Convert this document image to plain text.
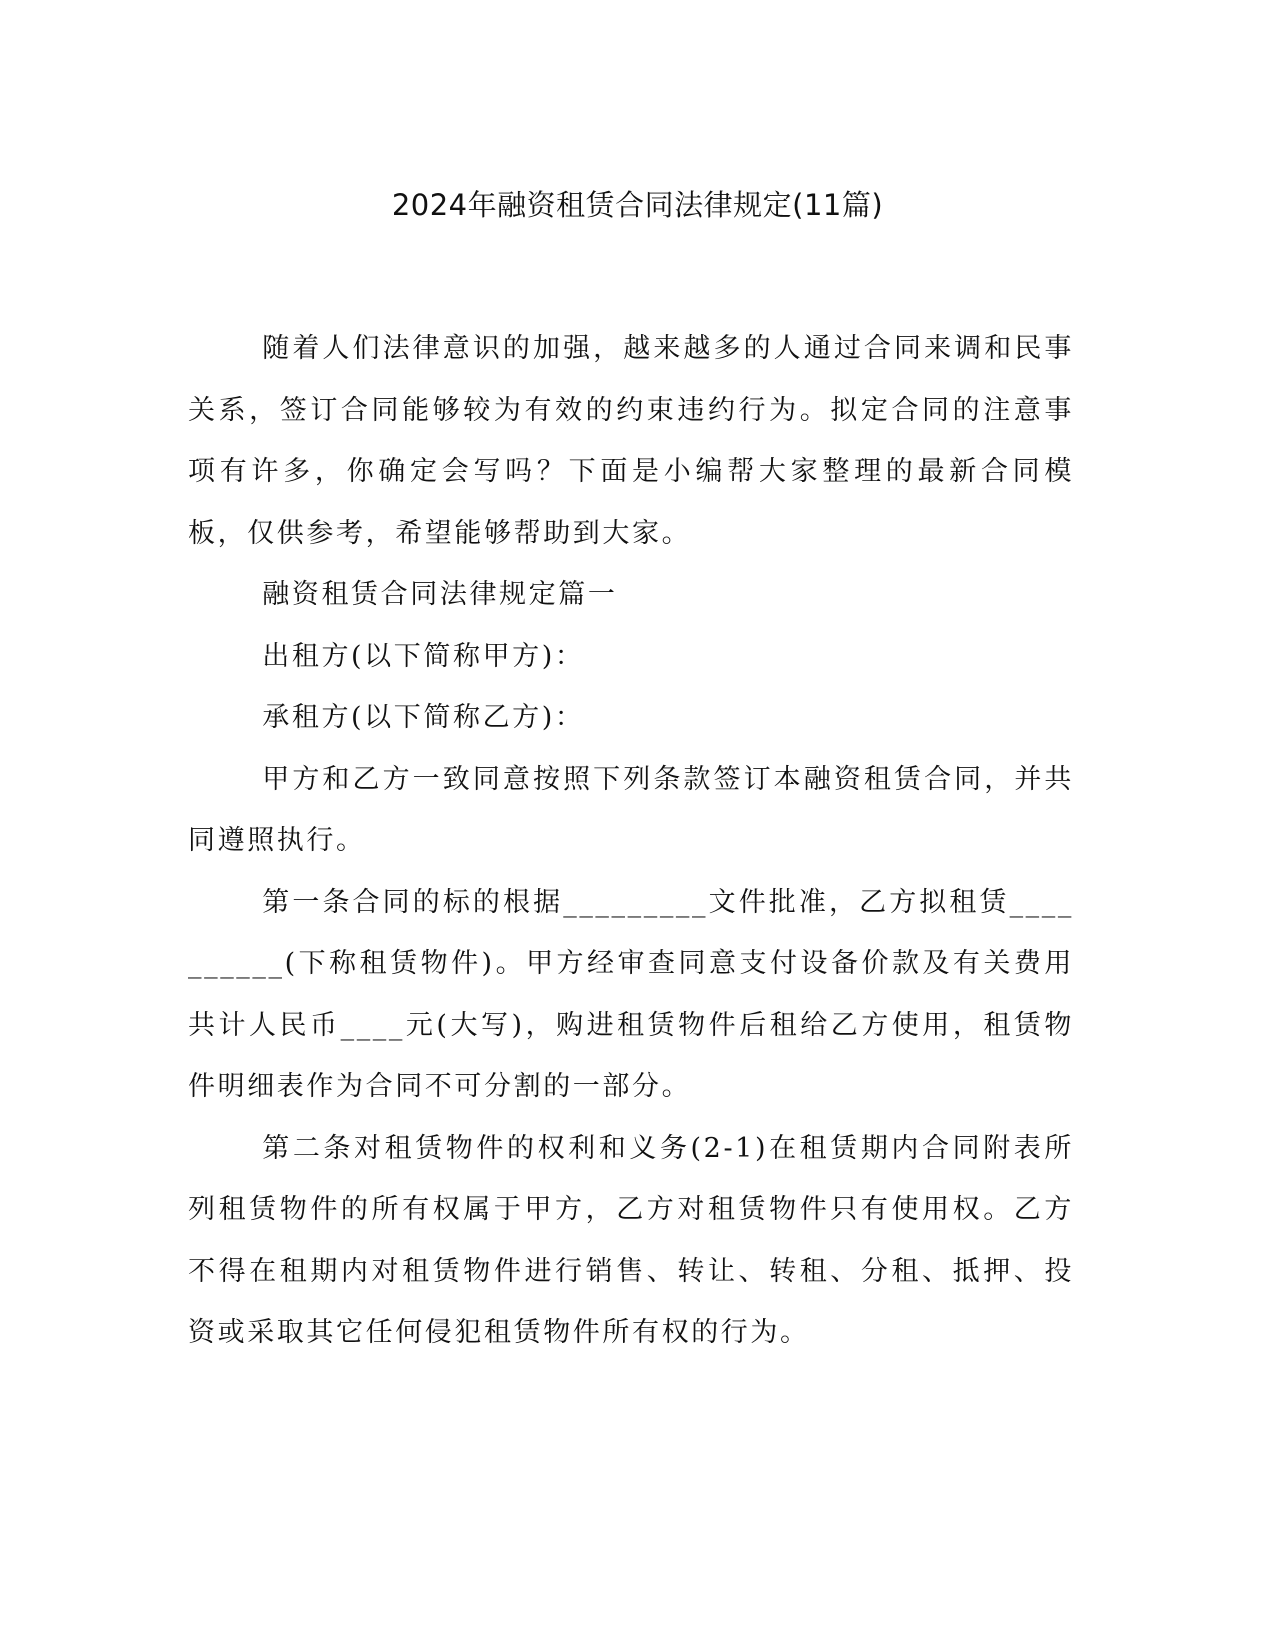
2024年融资租赁合同法律规定(11篇)

随着人们法律意识的加强，越来越多的人通过合同来调和民事关系，签订合同能够较为有效的约束违约行为。拟定合同的注意事项有许多，你确定会写吗？下面是小编帮大家整理的最新合同模板，仅供参考，希望能够帮助到大家。

融资租赁合同法律规定篇一

出租方(以下简称甲方)：

承租方(以下简称乙方)：

甲方和乙方一致同意按照下列条款签订本融资租赁合同，并共同遵照执行。

第一条合同的标的根据_________文件批准，乙方拟租赁__________(下称租赁物件)。甲方经审查同意支付设备价款及有关费用共计人民币____元(大写)，购进租赁物件后租给乙方使用，租赁物件明细表作为合同不可分割的一部分。

第二条对租赁物件的权利和义务(2-1)在租赁期内合同附表所列租赁物件的所有权属于甲方，乙方对租赁物件只有使用权。乙方不得在租期内对租赁物件进行销售、转让、转租、分租、抵押、投资或采取其它任何侵犯租赁物件所有权的行为。
